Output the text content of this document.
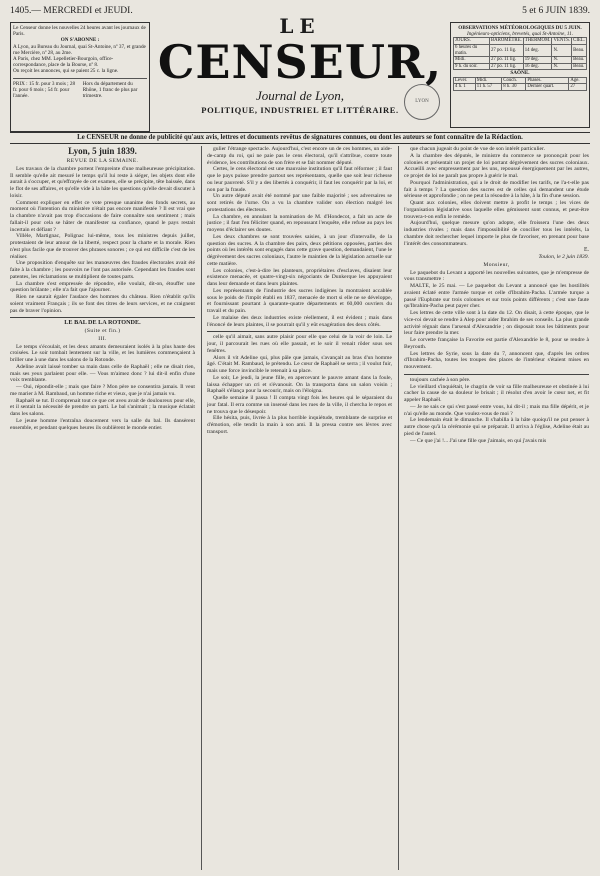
1405.— MERCREDI et JEUDI.	5 et 6 JUIN 1839.
Le Censeur donne les nouvelles 24 heures avant les journaux de Paris.
ON S'ABONNE :
A Lyon, au Bureau du Journal, quai St-Antoine, nº 37, et grande rue Mercière, nº 28, au 2me.
A Paris, chez MM. Lepelletier-Bourgoin, office-correspondance, place de la Bourse, nº 8.
On reçoit les annonces, qui se paient 25 c. la ligne.
PRIX : 15 fr. pour 3 mois ; 28 fr. pour 6 mois ; 54 fr. pour l'année.
Hors du département du Rhône, 1 franc de plus par trimestre.
LE
CENSEUR,
Journal de Lyon,
POLITIQUE, INDUSTRIEL ET LITTÉRAIRE.
LYON
OBSERVATIONS MÉTÉOROLOGIQUES DU 5 JUIN.
Ingénieurs-opticiens, brevetés, quai St-Antoine, 11.
JOURS.	BAROMÈTRE.	THERMOM.	VENTS.	CIEL.
6 heures du matin.	27 po. 11 lig.	14 deg.	N.	Beau.
Midi.	27 po. 11 lig.	19 deg.	N.	Beau.
9 h. du soir.	27 po. 11 lig.	16 deg.	N.	Beau.
SAÔNE.
Lever.	Midi.	Couch.	Phases.	Age.
4 h. 1	11 h. 57	8 h. 30	Dernier quart.	27
Le CENSEUR ne donne de publicité qu'aux avis, lettres et documents revêtus de signatures connues, ou dont les auteurs se font connaître de la Rédaction.
Lyon, 5 juin 1839.
REVUE DE LA SEMAINE.

Les travaux de la chambre portent l'empreinte d'une malheureuse précipitation. Il semble qu'elle ait mesuré le temps qu'il lui reste à siéger, les objets dont elle aurait à s'occuper, et qu'effrayée de cet examen, elle se précipite, tête baissée, dans le flot de ses affaires, et qu'elle vide à la hâte les questions qu'elle devait discuter à loisir.

Comment expliquer en effet ce vote presque unanime des fonds secrets, au moment où l'intention du ministère n'était pas encore manifestée ? Il est vrai que la chambre n'avait pas trop d'occasions de faire connaître son sentiment ; mais fallait-il pour cela se hâter de manifester sa confiance, quand le pays restait incertain et défiant ?

Villèle, Martignac, Polignac lui-même, tous les ministres depuis juillet, protestaient de leur amour de la liberté, respect pour la charte et la morale. Rien n'est plus facile que de trouver des phrases sonores ; ce qui est difficile c'est de les réaliser.

Une proposition d'enquête sur les manœuvres des fraudes électorales avait été faite à la chambre ; les pouvoirs ne l'ont pas autorisée. Cependant les fraudes sont patentes, les réclamations se multiplient de toutes parts.

La chambre s'est empressée de répondre, elle voulait, dit-on, étouffer une question brûlante ; elle n'a fait que l'ajourner.

Rien ne saurait égaler l'audace des hommes du château. Rien n'établit qu'ils soient vraiment Français ; ils se font des titres de leurs services, et ne craignent pas de braver l'opinion.

LE BAL DE LA ROTONDE.
(Suite et fin.)
III.

Le temps s'écoulait, et les deux amants demeuraient isolés à la plus haute des croisées. Le soir tombait lentement sur la ville, et les lumières commençaient à briller une à une dans les salons de la Rotonde.

Adeline avait laissé tomber sa main dans celle de Raphaël ; elle ne disait rien, mais ses yeux parlaient pour elle. — Vous m'aimez donc ? lui dit-il enfin d'une voix tremblante.

— Oui, répondit-elle ; mais que faire ? Mon père ne consentira jamais. Il veut me marier à M. Rambaud, un homme riche et vieux, que je n'ai jamais vu.

Raphaël se tut. Il comprenait tout ce que cet aveu avait de douloureux pour elle, et il sentait la nécessité de prendre un parti. Le bal s'animait ; la musique éclatait dans les salons.

Le jeune homme l'entraîna doucement vers la salle du bal. Ils dansèrent ensemble, et pendant quelques heures ils oublièrent le monde entier.

gulier l'étrange spectacle. Aujourd'hui, c'est encore un de ces hommes, un aide-de-camp du roi, qui ne paie pas le cens électoral, qu'il s'attribue, contre toute évidence, les contributions de son frère et se fait nommer député.

Certes, le cens électoral est une mauvaise institution qu'il faut réformer ; il faut que le pays puisse prendre partout ses représentants, quelle que soit leur richesse ou leur pauvreté. S'il y a des libertés à conquérir, il faut les conquérir par la loi, et non par la fraude.

Un autre député avait été nommé par une faible majorité ; ses adversaires se sont retirés de l'urne. On a vu la chambre valider son élection malgré les protestations des électeurs.

La chambre, en annulant la nomination de M. d'Hondecot, a fait un acte de justice ; il faut l'en féliciter quand, en repoussant l'enquête, elle refuse au pays les moyens d'éclairer ses doutes.

Les deux chambres se sont trouvées saisies, à un jour d'intervalle, de la question des sucres. A la chambre des pairs, deux pétitions opposées, parties des points où les intérêts sont engagés dans cette grave question, demandaient, l'une le dégrèvement des sucres coloniaux, l'autre le maintien de la législation actuelle sur cette matière.

Les colonies, c'est-à-dire les planteurs, propriétaires d'esclaves, disaient leur existence menacée, et quatre-vingt-six négociants de Dunkerque les appuyaient dans leur demande et dans leurs plaintes.

Les représentants de l'industrie des sucres indigènes la montraient accablée sous le poids de l'impôt établi en 1837, menacée de mort si elle ne se développe, et fournissant pourtant à quarante-quatre départements et 60,000 ouvriers du travail et du pain.

Le malaise des deux industries existe réellement, il est évident ; mais dans l'énoncé de leurs plaintes, il se pourrait qu'il y eût exagération des deux côtés.

celle qu'il aimait, sans autre plaisir pour elle que celui de la voir de loin. Le jour, il parcourait les rues où elle passait, et le soir il venait rôder sous ses fenêtres.

Alors il vit Adeline qui, plus pâle que jamais, s'avançait au bras d'un homme âgé. C'était M. Rambaud, le prétendu. Le cœur de Raphaël se serra ; il voulut fuir, mais une force invincible le retenait à sa place.

Le soir, Le jeudi, la jeune fille, en apercevant le pauvre amant dans la foule, laissa échapper un cri et s'évanouit. On la transporta dans un salon voisin ; Raphaël s'élança pour la secourir, mais on l'éloigna.

Quelle semaine il passa ! Il compta vingt fois les heures qui le séparaient du jour fatal. Il erra comme un insensé dans les rues de la ville, il chercha le repos et ne trouva que le désespoir.

Elle hésita, puis, livrée à la plus horrible inquiétude, tremblante de surprise et d'émotion, elle tendit la main à son ami. Il la pressa contre ses lèvres avec transport.

que chacun jugeait du point de vue de son intérêt particulier.

A la chambre des députés, le ministre du commerce se prononçait pour les colonies et présentait un projet de loi portant dégrèvement des sucres coloniaux. Accueilli avec empressement par les uns, repoussé énergiquement par les autres, ce projet de loi ne paraît pas propre à guérir le mal.

Pourquoi l'administration, qui a le droit de modifier les tarifs, ne l'a-t-elle pas fait à temps ? La question des sucres est de celles qui demandent une étude sérieuse et approfondie ; on ne peut la résoudre à la hâte, à la fin d'une session.

Quant aux colonies, elles doivent mettre à profit le temps ; les vices de l'organisation législative sous laquelle elles gémissent sont connus, et peut-être trouvera-t-on enfin le remède.

Aujourd'hui, quelque mesure qu'on adopte, elle froissera l'une des deux industries rivales ; mais dans l'impossibilité de concilier tous les intérêts, la chambre doit rechercher lequel importe le plus de favoriser, en prenant pour base l'intérêt des consommateurs.

E.
Toulon, le 2 juin 1839.
Monsieur,

Le paquebot du Levant a apporté les nouvelles suivantes, que je m'empresse de vous transmettre :

MALTE, le 25 mai. — Le paquebot du Levant a annoncé que les hostilités avaient éclaté entre l'armée turque et celle d'Ibrahim-Pacha. L'armée turque a passé l'Euphrate sur trois colonnes et sur trois points différents ; c'est une faute qu'Ibrahim-Pacha peut payer cher.

Les lettres de cette ville sont à la date du 12. On disait, à cette époque, que le vice-roi devait se rendre à Alep pour aider Ibrahim de ses conseils. La plus grande activité régnait dans l'arsenal d'Alexandrie ; on disposait tous les bâtiments pour leur faire prendre la mer.

Le corvette française la Favorite est partie d'Alexandrie le 8, pour se rendre à Beyrouth.

Les lettres de Syrie, sous la date du 7, annoncent que, d'après les ordres d'Ibrahim-Pacha, toutes les troupes des places de l'intérieur s'étaient mises en mouvement.

toujours cachée à son père.

Le vieillard s'inquiétait, le chagrin de voir sa fille malheureuse et obstinée à lui cacher la cause de sa douleur le brisait ; il résolut d'en avoir le cœur net, et fit appeler Raphaël.

— Je ne sais ce qui s'est passé entre vous, lui dit-il ; mais ma fille dépérit, et je n'ai qu'elle au monde. Que voulez-vous de moi ?

Le lendemain était le dimanche. Il s'habilla à la hâte quoiqu'il ne put penser à autre chose qu'à la cérémonie qui se préparait. Il arriva à l'église, Adeline était au pied de l'autel.

— Ce que j'ai !... J'ai une fille que j'aimais, en qui j'avais mis
